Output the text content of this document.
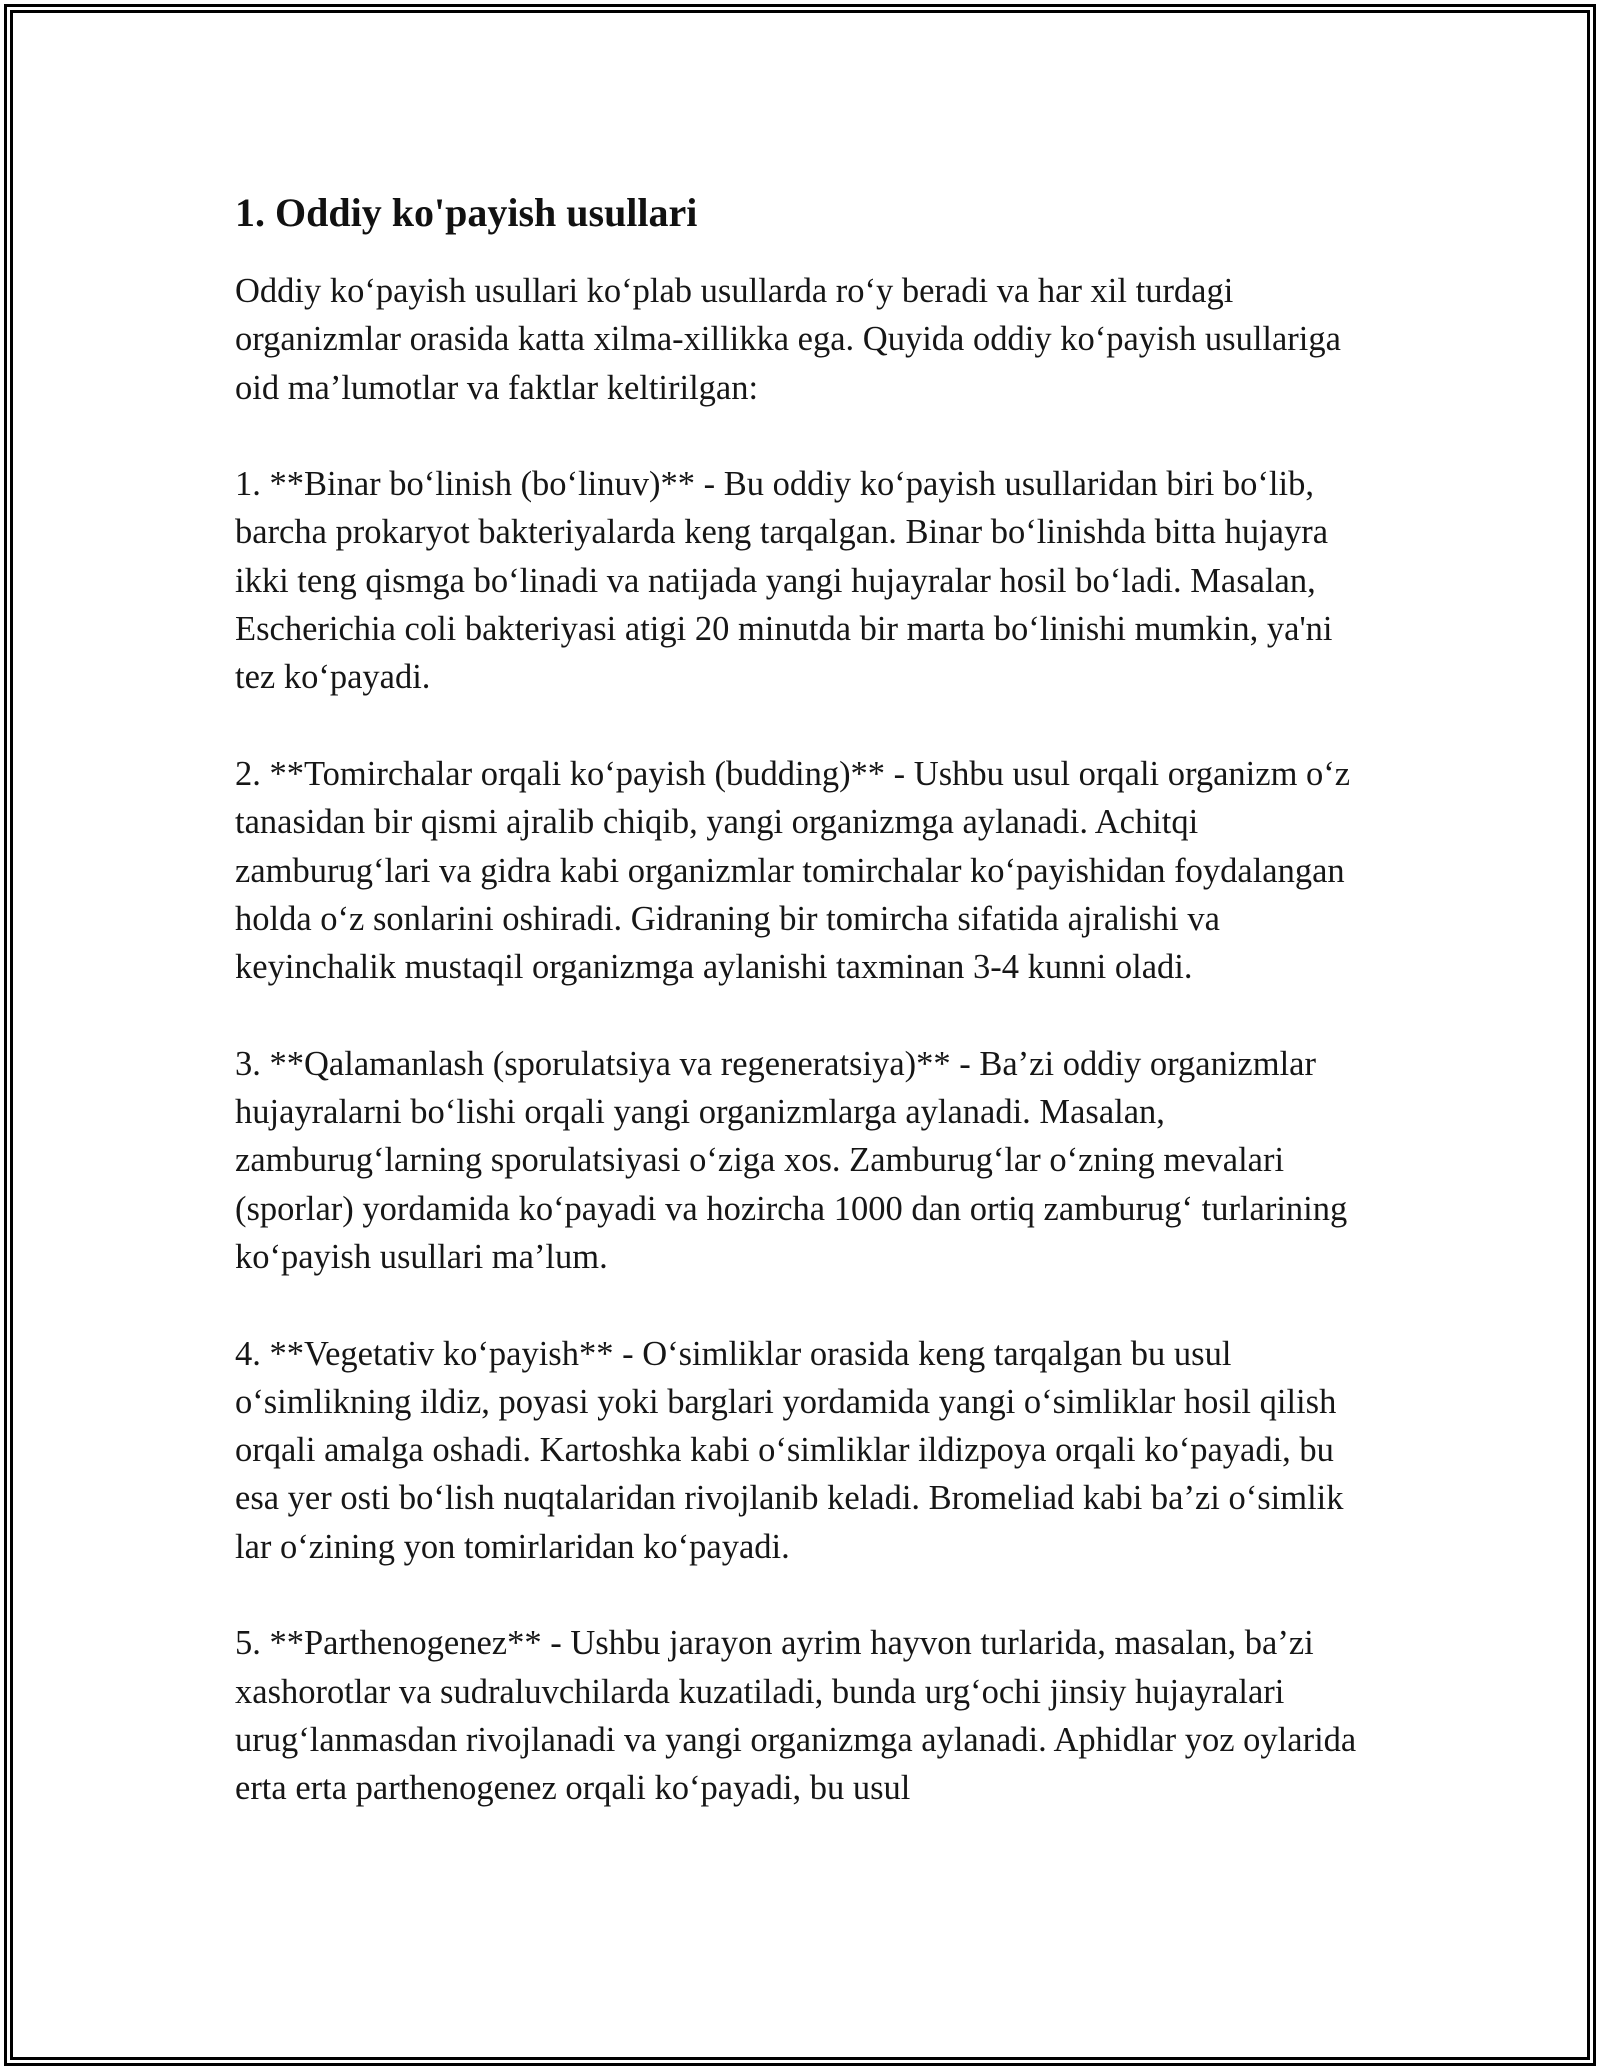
1. Oddiy ko'payish usullari

Oddiy ko‘payish usullari ko‘plab usullarda ro‘y beradi va har xil turdagi organizmlar orasida katta xilma-xillikka ega. Quyida oddiy ko‘payish usullariga oid ma’lumotlar va faktlar keltirilgan:

1. **Binar bo‘linish (bo‘linuv)** - Bu oddiy ko‘payish usullaridan biri bo‘lib, barcha prokaryot bakteriyalarda keng tarqalgan. Binar bo‘linishda bitta hujayra ikki teng qismga bo‘linadi va natijada yangi hujayralar hosil bo‘ladi. Masalan, Escherichia coli bakteriyasi atigi 20 minutda bir marta bo‘linishi mumkin, ya'ni tez ko‘payadi.

2. **Tomirchalar orqali ko‘payish (budding)** - Ushbu usul orqali organizm o‘z tanasidan bir qismi ajralib chiqib, yangi organizmga aylanadi. Achitqi zamburug‘lari va gidra kabi organizmlar tomirchalar ko‘payishidan foydalangan holda o‘z sonlarini oshiradi. Gidraning bir tomircha sifatida ajralishi va keyinchalik mustaqil organizmga aylanishi taxminan 3-4 kunni oladi.

3. **Qalamanlash (sporulatsiya va regeneratsiya)** - Ba’zi oddiy organizmlar hujayralarni bo‘lishi orqali yangi organizmlarga aylanadi. Masalan, zamburug‘larning sporulatsiyasi o‘ziga xos. Zamburug‘lar o‘zning mevalari (sporlar) yordamida ko‘payadi va hozircha 1000 dan ortiq zamburug‘ turlarining ko‘payish usullari ma’lum.

4. **Vegetativ ko‘payish** - O‘simliklar orasida keng tarqalgan bu usul o‘simlikning ildiz, poyasi yoki barglari yordamida yangi o‘simliklar hosil qilish orqali amalga oshadi. Kartoshka kabi o‘simliklar ildizpoya orqali ko‘payadi, bu esa yer osti bo‘lish nuqtalaridan rivojlanib keladi. Bromeliad kabi ba’zi o‘simlik lar o‘zining yon tomirlaridan ko‘payadi.

5. **Parthenogenez** - Ushbu jarayon ayrim hayvon turlarida, masalan, ba’zi xashorotlar va sudraluvchilarda kuzatiladi, bunda urg‘ochi jinsiy hujayralari urug‘lanmasdan rivojlanadi va yangi organizmga aylanadi. Aphidlar yoz oylarida erta erta parthenogenez orqali ko‘payadi, bu usul
